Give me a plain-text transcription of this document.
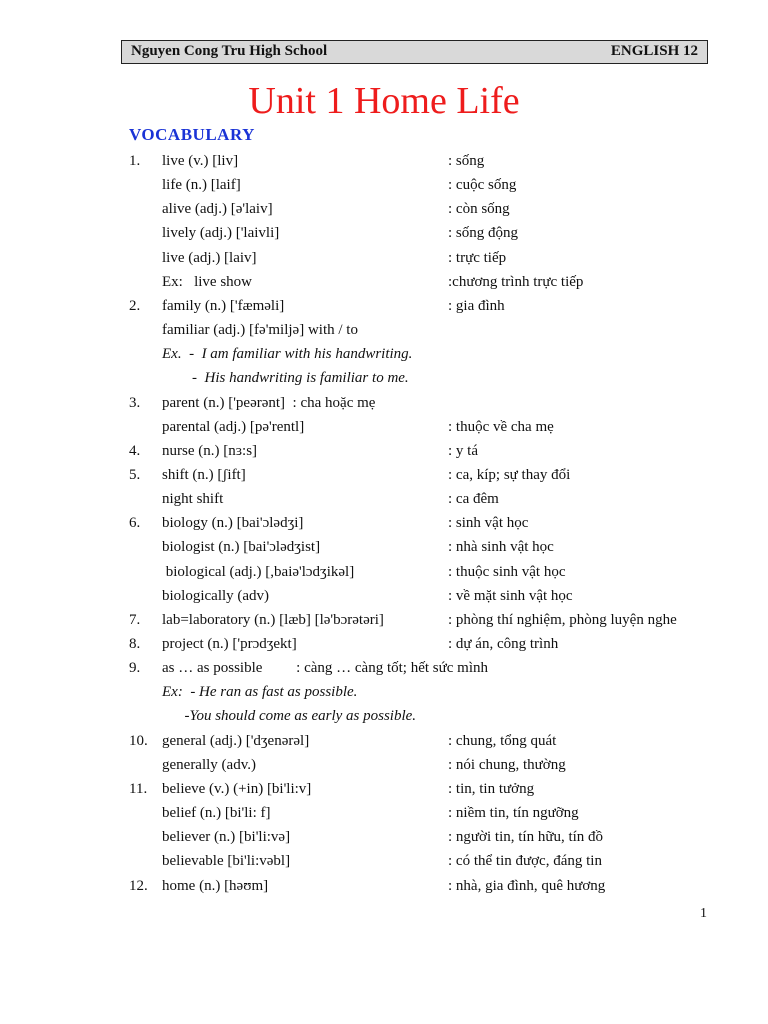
Nguyen Cong Tru High School	ENGLISH 12
Unit 1 Home Life
VOCABULARY
1. live (v.) [liv]	: sống
life (n.) [laif]	: cuộc sống
alive (adj.) [ə'laiv]	: còn sống
lively (adj.) ['laivli]	: sống động
live (adj.) [laiv]	: trực tiếp
Ex:   live show	:chương trình trực tiếp
2. family (n.) ['fæməli]	: gia đình
familiar (adj.) [fə'miljə] with / to
Ex.  -  I am familiar with his handwriting.
-  His handwriting is familiar to me.
3. parent (n.) ['peərənt]  : cha hoặc mẹ
parental (adj.) [pə'rentl]	: thuộc về cha mẹ
4. nurse (n.) [nɜ:s]	: y tá
5. shift (n.) [ʃift]	: ca, kíp; sự thay đổi
night shift	: ca đêm
6. biology (n.) [bai'ɔlədʒi]	: sinh vật học
biologist (n.) [bai'ɔlədʒist]	: nhà sinh vật học
biological (adj.) [,baiə'lɔdʒikəl]	: thuộc sinh vật học
biologically (adv)	: về mặt sinh vật học
7. lab=laboratory (n.) [læb] [lə'bɔrətəri]	: phòng thí nghiệm, phòng luyện nghe
8. project (n.) ['prɔdʒekt]	: dự án, công trình
9. as … as possible         : càng … càng tốt; hết sức mình
Ex:  - He ran as fast as possible.
-You should come as early as possible.
10. general (adj.) ['dʒenərəl]	: chung, tổng quát
generally (adv.)	: nói chung, thường
11. believe (v.) (+in) [bi'li:v]	: tin, tin tưởng
belief (n.) [bi'li: f]	: niềm tin, tín ngưỡng
believer (n.) [bi'li:və]	: người tin, tín hữu, tín đồ
believable [bi'li:vəbl]	: có thể tin được, đáng tin
12. home (n.) [həʊm]	: nhà, gia đình, quê hương
1
